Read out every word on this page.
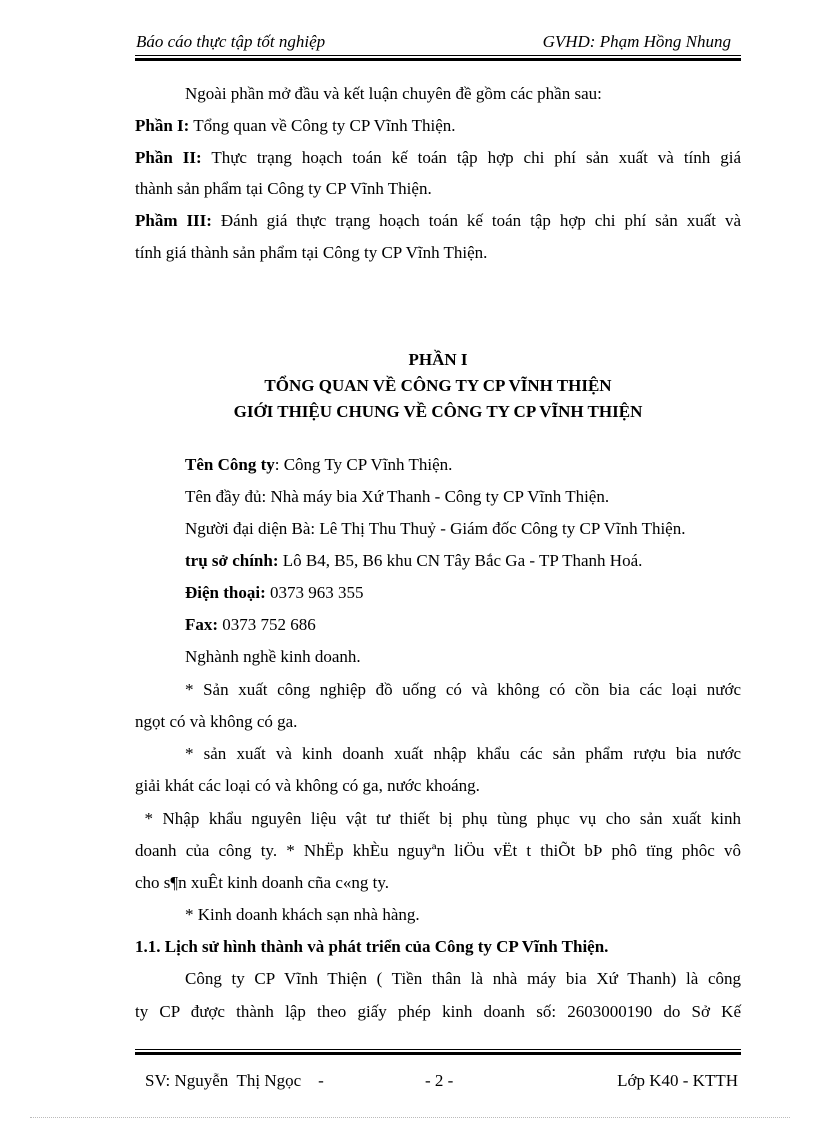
Báo cáo thực tập tốt nghiệp	GVHD: Phạm Hồng Nhung
Ngoài phần mở đầu và kết luận chuyên đề gồm các phần sau:
Phần I: Tổng quan về Công ty CP Vĩnh Thiện.
Phần II: Thực trạng hoạch toán kế toán tập hợp chi phí sản xuất và tính giá
thành sản phẩm tại Công ty CP Vĩnh Thiện.
Phầm III: Đánh giá thực trạng hoạch toán kế toán tập hợp chi phí sản xuất và
tính giá thành sản phẩm tại Công ty CP Vĩnh Thiện.
PHẦN I
TỔNG QUAN VỀ CÔNG TY CP VĨNH THIỆN
GIỚI THIỆU CHUNG VỀ CÔNG TY CP VĨNH THIỆN
Tên Công ty: Công Ty CP Vĩnh Thiện.
Tên đầy đủ: Nhà máy bia Xứ Thanh - Công ty CP Vĩnh Thiện.
Người đại diện Bà: Lê Thị Thu Thuỷ - Giám đốc Công ty CP Vĩnh Thiện.
trụ sở chính: Lô B4, B5, B6 khu CN Tây Bắc Ga - TP Thanh Hoá.
Điện thoại: 0373 963 355
Fax: 0373 752 686
Nghành nghề kinh doanh.
* Sản xuất công nghiệp đồ uống có và không có cồn bia các loại nước
ngọt có và không có ga.
* sản xuất và kinh doanh xuất nhập khẩu các sản phẩm rượu bia nước
giải khát các loại có và không có ga, nước khoáng.
* Nhập khẩu nguyên liệu vật tư thiết bị phụ tùng phục vụ cho sản xuất kinh
doanh của công ty. * NhËp khÈu nguyªn liÖu vËt t thiÕt bÞ phô tïng phôc vô
cho s¶n xuÊt kinh doanh cña c«ng ty.
* Kinh doanh khách sạn nhà hàng.
1.1. Lịch sử hình thành và phát triển của Công ty CP Vĩnh Thiện.
Công ty CP Vĩnh Thiện ( Tiền thân là nhà máy bia Xứ Thanh) là công
ty CP được thành lập theo giấy phép kinh doanh số: 2603000190 do Sở Kế
SV: Nguyễn  Thị Ngọc    -	- 2 -	Lớp K40 - KTTH
